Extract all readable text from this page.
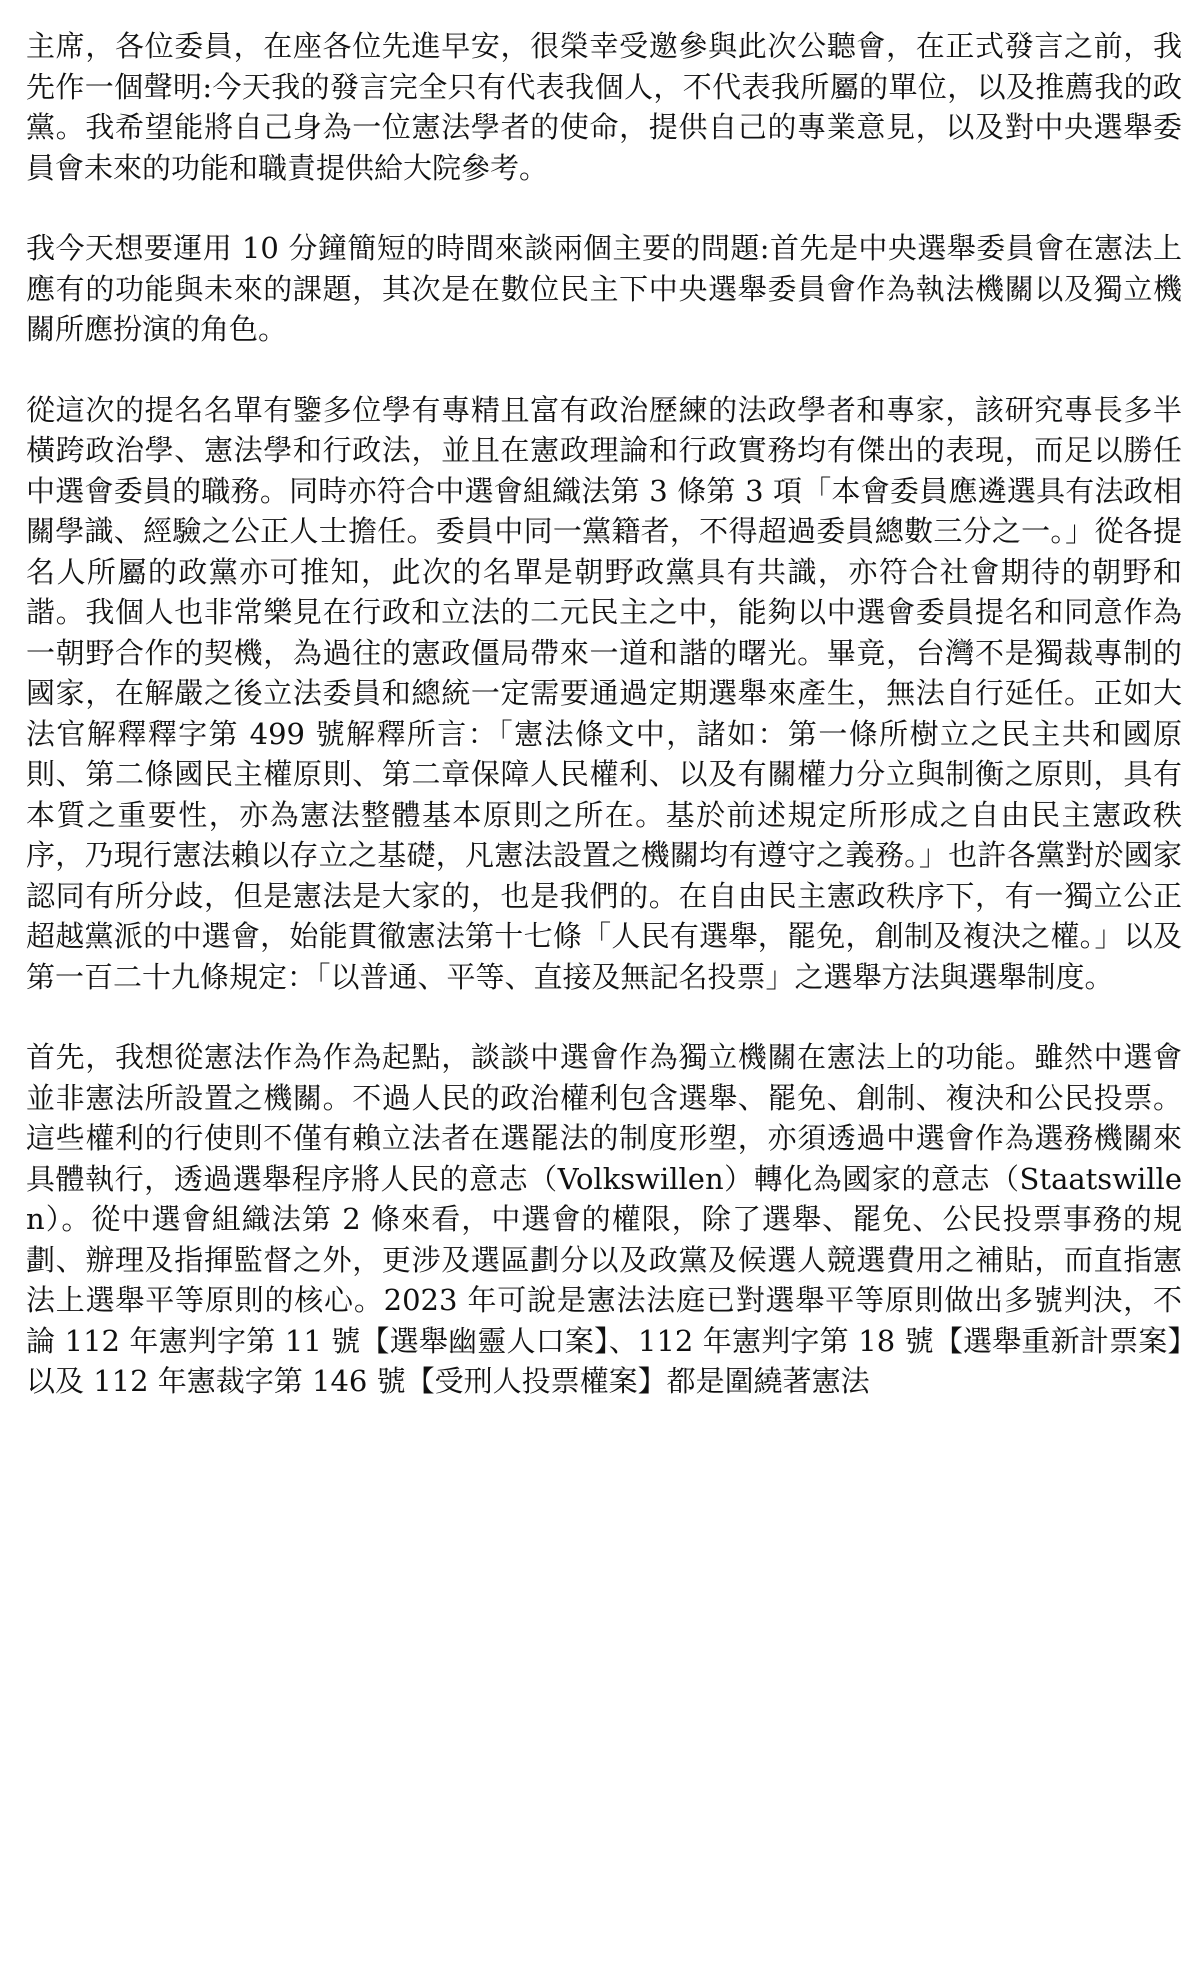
主席，各位委員，在座各位先進早安，很榮幸受邀參與此次公聽會，在正式發言之前，我先作一個聲明:今天我的發言完全只有代表我個人，不代表我所屬的單位，以及推薦我的政黨。我希望能將自己身為一位憲法學者的使命，提供自己的專業意見，以及對中央選舉委員會未來的功能和職責提供給大院參考。

我今天想要運用 10 分鐘簡短的時間來談兩個主要的問題:首先是中央選舉委員會在憲法上應有的功能與未來的課題，其次是在數位民主下中央選舉委員會作為執法機關以及獨立機關所應扮演的角色。

從這次的提名名單有鑒多位學有專精且富有政治歷練的法政學者和專家，該研究專長多半橫跨政治學、憲法學和行政法，並且在憲政理論和行政實務均有傑出的表現，而足以勝任中選會委員的職務。同時亦符合中選會組織法第 3 條第 3 項「本會委員應遴選具有法政相關學識、經驗之公正人士擔任。委員中同一黨籍者，不得超過委員總數三分之一。」從各提名人所屬的政黨亦可推知，此次的名單是朝野政黨具有共識，亦符合社會期待的朝野和諧。我個人也非常樂見在行政和立法的二元民主之中，能夠以中選會委員提名和同意作為一朝野合作的契機，為過往的憲政僵局帶來一道和諧的曙光。畢竟，台灣不是獨裁專制的國家，在解嚴之後立法委員和總統一定需要通過定期選舉來產生，無法自行延任。正如大法官解釋釋字第 499 號解釋所言：「憲法條文中，諸如：第一條所樹立之民主共和國原則、第二條國民主權原則、第二章保障人民權利、以及有關權力分立與制衡之原則，具有本質之重要性，亦為憲法整體基本原則之所在。基於前述規定所形成之自由民主憲政秩序，乃現行憲法賴以存立之基礎，凡憲法設置之機關均有遵守之義務。」也許各黨對於國家認同有所分歧，但是憲法是大家的，也是我們的。在自由民主憲政秩序下，有一獨立公正超越黨派的中選會，始能貫徹憲法第十七條「人民有選舉，罷免，創制及複決之權。」以及第一百二十九條規定：「以普通、平等、直接及無記名投票」之選舉方法與選舉制度。

首先，我想從憲法作為作為起點，談談中選會作為獨立機關在憲法上的功能。雖然中選會並非憲法所設置之機關。不過人民的政治權利包含選舉、罷免、創制、複決和公民投票。這些權利的行使則不僅有賴立法者在選罷法的制度形塑，亦須透過中選會作為選務機關來具體執行，透過選舉程序將人民的意志（Volkswillen）轉化為國家的意志（Staatswillen）。從中選會組織法第 2 條來看，中選會的權限，除了選舉、罷免、公民投票事務的規劃、辦理及指揮監督之外，更涉及選區劃分以及政黨及候選人競選費用之補貼，而直指憲法上選舉平等原則的核心。2023 年可說是憲法法庭已對選舉平等原則做出多號判決，不論 112 年憲判字第 11 號【選舉幽靈人口案】、112 年憲判字第 18 號【選舉重新計票案】以及 112 年憲裁字第 146 號【受刑人投票權案】都是圍繞著憲法
